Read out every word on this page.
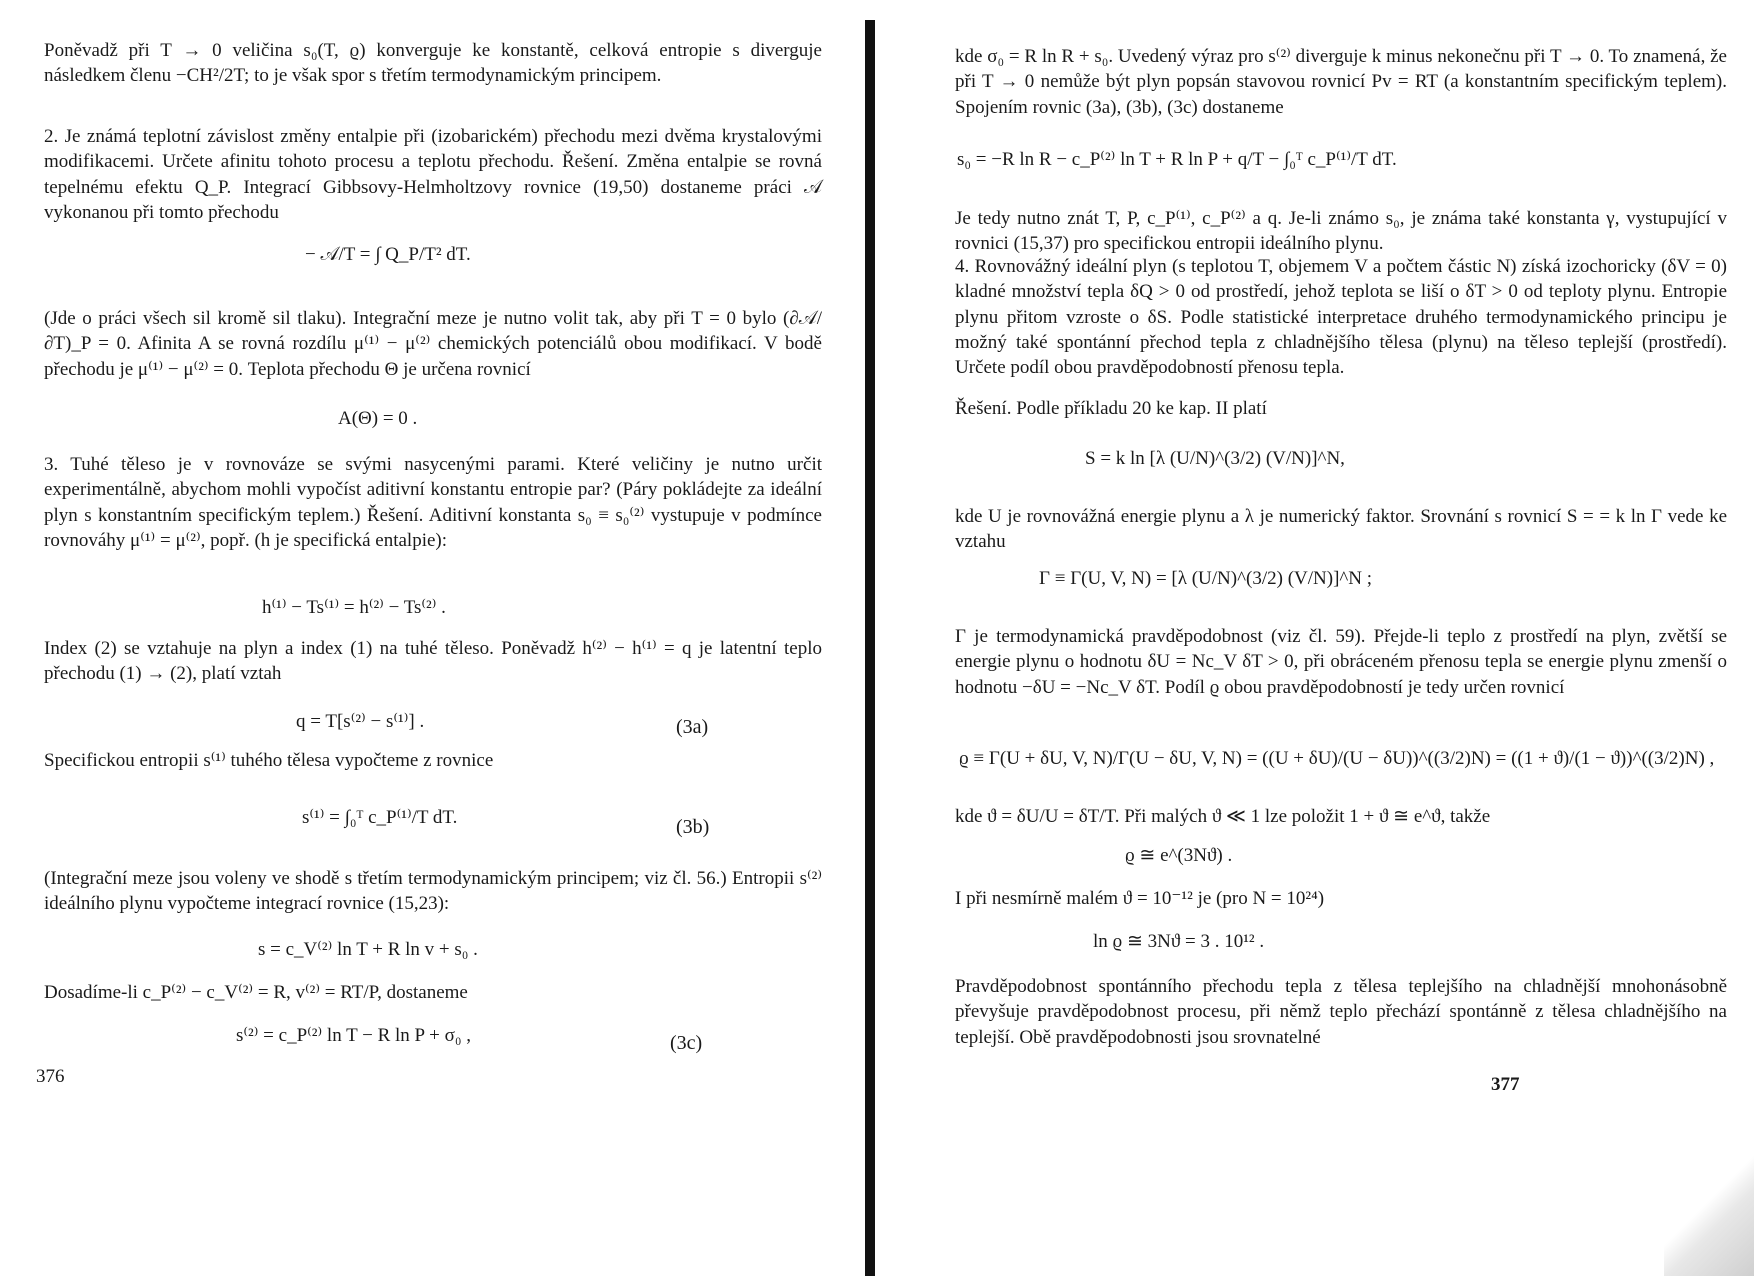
Poněvadž při T → 0 veličina s₀(T, ϱ) konverguje ke konstantě, celková entropie s diverguje následkem členu −CH²/2T; to je však spor s třetím termodynamickým principem.
2. Je známá teplotní závislost změny entalpie při (izobarickém) přechodu mezi dvěma krystalovými modifikacemi. Určete afinitu tohoto procesu a teplotu přechodu. Řešení. Změna entalpie se rovná tepelnému efektu Q_P. Integrací Gibbsovy-Helmholtzovy rovnice (19,50) dostaneme práci 𝒜 vykonanou při tomto přechodu
− 𝒜/T = ∫ Q_P/T² dT.
(Jde o práci všech sil kromě sil tlaku). Integrační meze je nutno volit tak, aby při T = 0 bylo (∂𝒜/∂T)_P = 0. Afinita A se rovná rozdílu μ⁽¹⁾ − μ⁽²⁾ chemických potenciálů obou modifikací. V bodě přechodu je μ⁽¹⁾ − μ⁽²⁾ = 0. Teplota přechodu Θ je určena rovnicí
A(Θ) = 0 .
3. Tuhé těleso je v rovnováze se svými nasycenými parami. Které veličiny je nutno určit experimentálně, abychom mohli vypočíst aditivní konstantu entropie par? (Páry pokládejte za ideální plyn s konstantním specifickým teplem.) Řešení. Aditivní konstanta s₀ ≡ s₀⁽²⁾ vystupuje v podmínce rovnováhy μ⁽¹⁾ = μ⁽²⁾, popř. (h je specifická entalpie):
h⁽¹⁾ − Ts⁽¹⁾ = h⁽²⁾ − Ts⁽²⁾ .
Index (2) se vztahuje na plyn a index (1) na tuhé těleso. Poněvadž h⁽²⁾ − h⁽¹⁾ = q je latentní teplo přechodu (1) → (2), platí vztah
q = T[s⁽²⁾ − s⁽¹⁾] .	(3a)
Specifickou entropii s⁽¹⁾ tuhého tělesa vypočteme z rovnice
s⁽¹⁾ = ∫₀ᵀ c_P⁽¹⁾/T dT.	(3b)
(Integrační meze jsou voleny ve shodě s třetím termodynamickým principem; viz čl. 56.) Entropii s⁽²⁾ ideálního plynu vypočteme integrací rovnice (15,23):
s = c_V⁽²⁾ ln T + R ln v + s₀ .
Dosadíme-li c_P⁽²⁾ − c_V⁽²⁾ = R, v⁽²⁾ = RT/P, dostaneme
s⁽²⁾ = c_P⁽²⁾ ln T − R ln P + σ₀ ,	(3c)
376
kde σ₀ = R ln R + s₀. Uvedený výraz pro s⁽²⁾ diverguje k minus nekonečnu při T → 0. To znamená, že při T → 0 nemůže být plyn popsán stavovou rovnicí Pv = RT (a konstantním specifickým teplem). Spojením rovnic (3a), (3b), (3c) dostaneme
s₀ = −R ln R − c_P⁽²⁾ ln T + R ln P + q/T − ∫₀ᵀ c_P⁽¹⁾/T dT.
Je tedy nutno znát T, P, c_P⁽¹⁾, c_P⁽²⁾ a q. Je-li známo s₀, je známa také konstanta γ, vystupující v rovnici (15,37) pro specifickou entropii ideálního plynu.
4. Rovnovážný ideální plyn (s teplotou T, objemem V a počtem částic N) získá izochoricky (δV = 0) kladné množství tepla δQ > 0 od prostředí, jehož teplota se liší o δT > 0 od teploty plynu. Entropie plynu přitom vzroste o δS. Podle statistické interpretace druhého termodynamického principu je možný také spontánní přechod tepla z chladnějšího tělesa (plynu) na těleso teplejší (prostředí). Určete podíl obou pravděpodobností přenosu tepla.
Řešení. Podle příkladu 20 ke kap. II platí
S = k ln [λ (U/N)^(3/2) (V/N)]^N,
kde U je rovnovážná energie plynu a λ je numerický faktor. Srovnání s rovnicí S = = k ln Γ vede ke vztahu
Γ ≡ Γ(U, V, N) = [λ (U/N)^(3/2) (V/N)]^N ;
Γ je termodynamická pravděpodobnost (viz čl. 59). Přejde-li teplo z prostředí na plyn, zvětší se energie plynu o hodnotu δU = Nc_V δT > 0, při obráceném přenosu tepla se energie plynu zmenší o hodnotu −δU = −Nc_V δT. Podíl ϱ obou pravděpodobností je tedy určen rovnicí
ϱ ≡ Γ(U + δU, V, N)/Γ(U − δU, V, N) = ((U + δU)/(U − δU))^((3/2)N) = ((1 + ϑ)/(1 − ϑ))^((3/2)N) ,
kde ϑ = δU/U = δT/T. Při malých ϑ ≪ 1 lze položit 1 + ϑ ≅ e^ϑ, takže
ϱ ≅ e^(3Nϑ) .
I při nesmírně malém ϑ = 10⁻¹² je (pro N = 10²⁴)
ln ϱ ≅ 3Nϑ = 3 . 10¹² .
Pravděpodobnost spontánního přechodu tepla z tělesa teplejšího na chladnější mnohonásobně převyšuje pravděpodobnost procesu, při němž teplo přechází spontánně z tělesa chladnějšího na teplejší. Obě pravděpodobnosti jsou srovnatelné
377
